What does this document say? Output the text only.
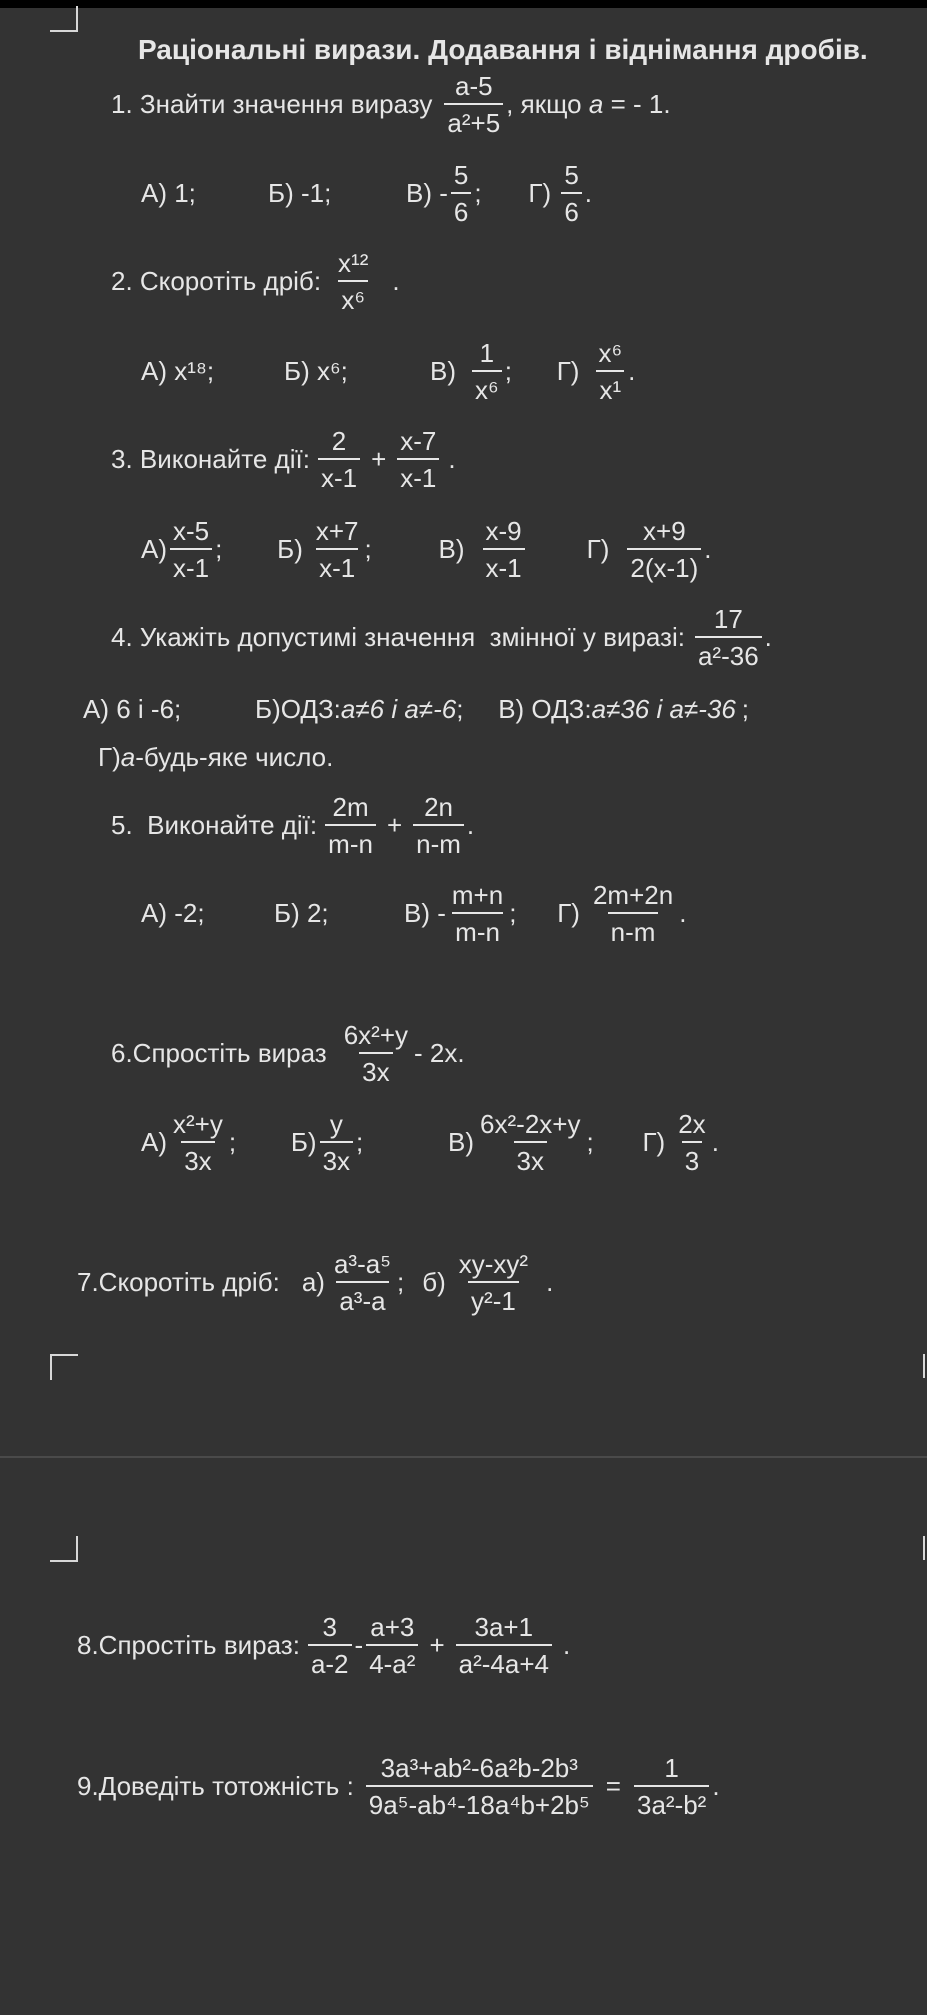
Раціональні вирази. Додавання і віднімання дробів.
1. Знайти значення виразу $\frac{a-5}{\text{a²+5}}$ , якщо a = - 1.
А) 1;	Б) -1;	$В) - \frac{5}{6}$ ;	$Г) \frac{5}{6}$ .
2. Скоротіть дріб: $\frac{\text{x¹²}}{\text{x⁶}}$ .
А) x¹⁸;	Б) x⁶;	$В) \frac{1}{\text{x⁶}}$ ;	$Г) \frac{\text{x⁶}}{\text{x¹}}$ .
3. Виконайте дії: $\frac{2}{x-1} + \frac{x-7}{x-1}$ .
$А) \frac{x-5}{x-1}$ ;	$Б) \frac{x+7}{x-1}$ ;	$В) \frac{x-9}{x-1} Г) \frac{x+9}{2(x-1)}$ .
4. Укажіть допустимі значення  змінної у виразі: $\frac{17}{\text{a²-36}}$ .
А) 6 і -6;	Б)ОДЗ: a≠6 і a≠-6 ;	В) ОДЗ: a≠36 і a≠-36 ;
Г) a -будь-яке число.
5.  Виконайте дії: $\frac{2m}{m-n} + \frac{2n}{n-m}$ .
А) -2;	Б) 2;	$В) - \frac{m+n}{m-n}$ ;	$Г) \frac{2m+2n}{n-m}$ .
6.Спростіть вираз $\frac{\text{6x²+y}}{3x} - 2x$.
$А) \frac{\text{x²+y}}{3x}$ ;	$Б) \frac{y}{3x}$ ;	$В) \frac{\text{6x²-2x+y}}{3x}$ ;	$Г) \frac{2x}{3}$ .
7.Скоротіть дріб: $а) \frac{\text{a³-a⁵}}{\text{a³-a}}$ ; $б) \frac{\text{xy-xy²}}{\text{y²-1}}$ .
8.Спростіть вираз: $\frac{3}{a-2} - \frac{a+3}{\text{4-a²}} + \frac{3a+1}{\text{a²-4a+4}}$ .
9.Доведіть тотожність : $\frac{\text{3a³+ab²-6a²b-2b³}}{\text{9a⁵-ab⁴-18a⁴b+2b⁵}} = \frac{1}{\text{3a²-b²}}$ .
